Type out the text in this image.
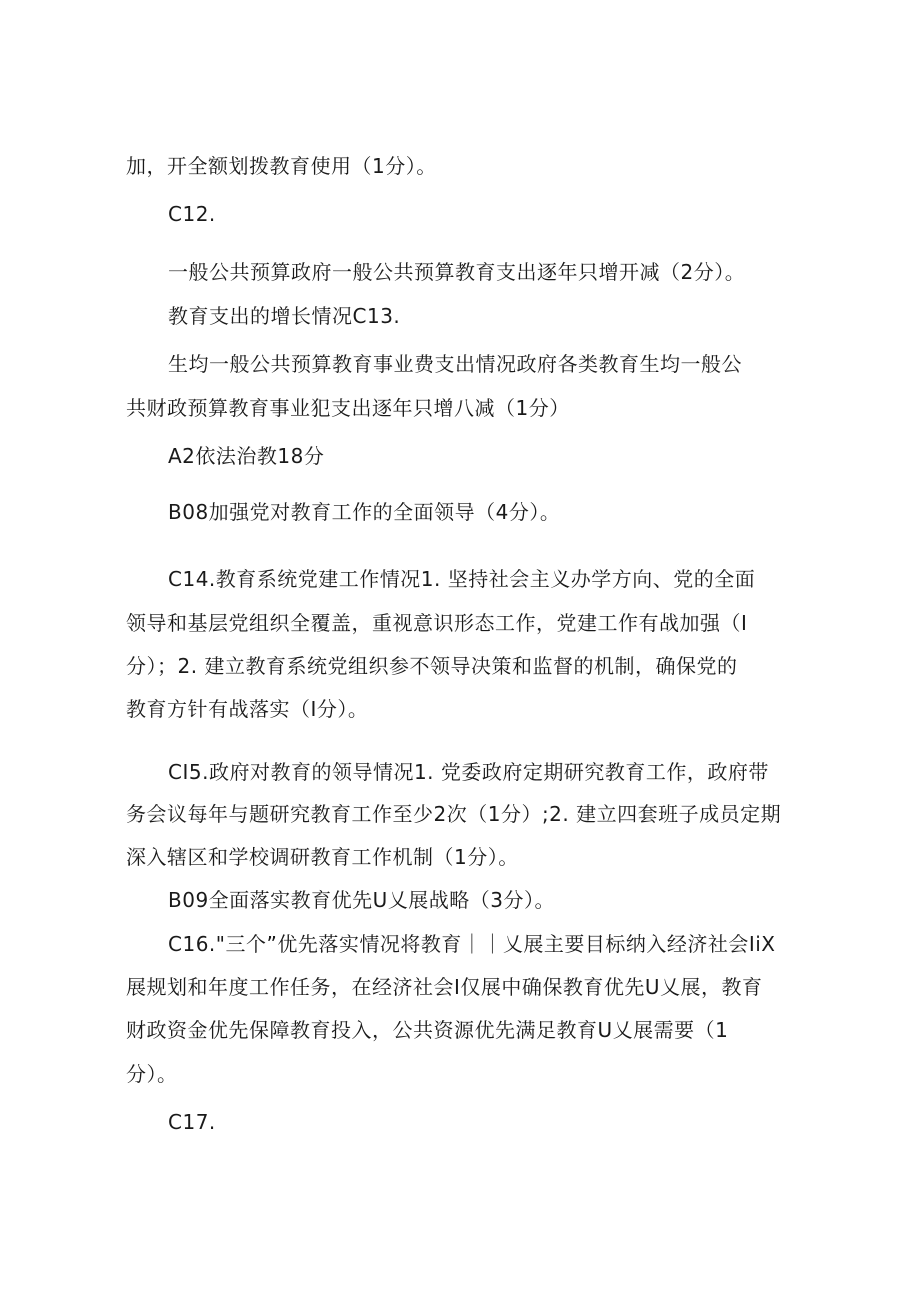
加，开全额划拨教育使用（1分）。
C12.
一般公共预算政府一般公共预算教育支出逐年只增开减（2分）。
教育支出的增长情况C13.
生均一般公共预算教育事业费支出情况政府各类教育生均一般公
共财政预算教育事业犯支出逐年只增八减（1分）
A2依法治教18分
B08加强党对教育工作的全面领导（4分）。
C14.教育系统党建工作情况1. 坚持社会主义办学方向、党的全面
领导和基层党组织全覆盖，重视意识形态工作，党建工作有战加强（I
分）；2. 建立教育系统党组织参不领导决策和监督的机制，确保党的
教育方针有战落实（I分）。
CI5.政府对教育的领导情况1. 党委政府定期研究教育工作，政府带
务会议每年与题研究教育工作至少2次（1分）;2. 建立四套班子成员定期
深入辖区和学校调研教育工作机制（1分）。
B09全面落实教育优先U乂展战略（3分）。
C16."三个”优先落实情况将教育｜｜乂展主要目标纳入经济社会IiX
展规划和年度工作任务，在经济社会I仅展中确保教育优先U乂展，教育
财政资金优先保障教育投入，公共资源优先满足教育U乂展需要（1
分）。
C17.
